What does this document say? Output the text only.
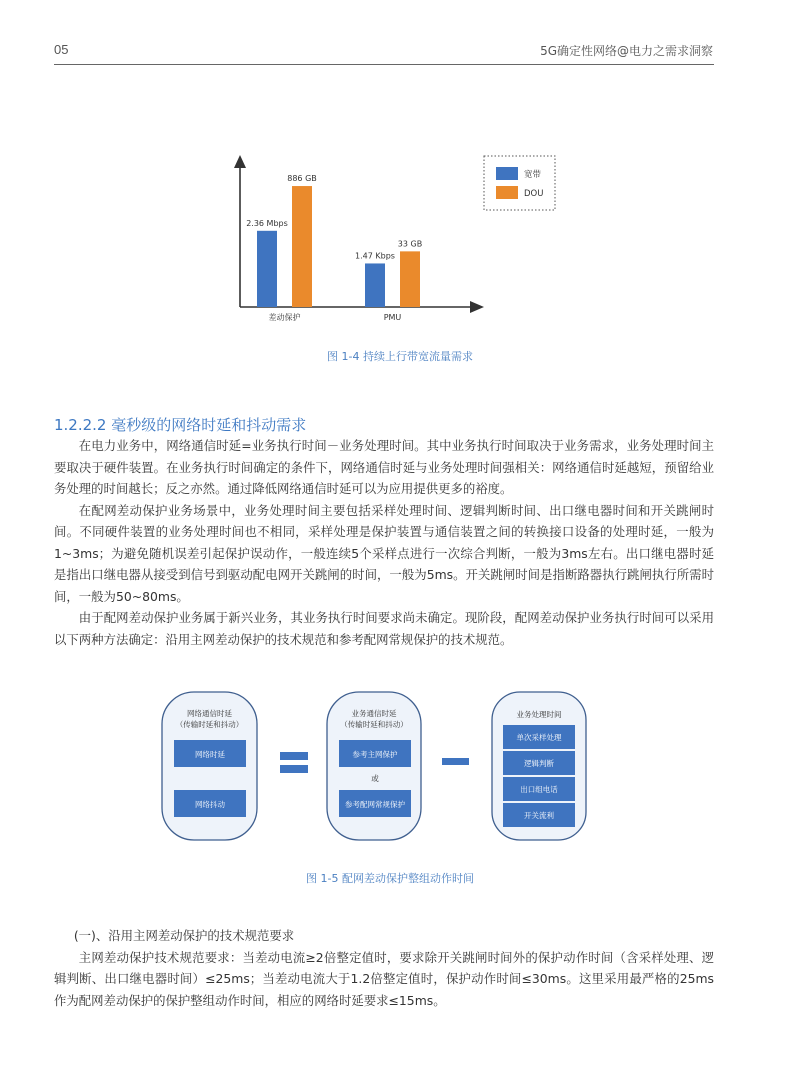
05	5G确定性网络@电力之需求洞察
2.36 Mbps
1.47 Kbps
886 GB
33 GB
差动保护	PMU
宽带
DOU
图 1-4 持续上行带宽流量需求
1.2.2.2 毫秒级的网络时延和抖动需求

在电力业务中，网络通信时延=业务执行时间－业务处理时间。其中业务执行时间取决于业务需求，业务处理时间主要取决于硬件装置。在业务执行时间确定的条件下，网络通信时延与业务处理时间强相关：网络通信时延越短，预留给业务处理的时间越长；反之亦然。通过降低网络通信时延可以为应用提供更多的裕度。

在配网差动保护业务场景中，业务处理时间主要包括采样处理时间、逻辑判断时间、出口继电器时间和开关跳闸时间。不同硬件装置的业务处理时间也不相同，采样处理是保护装置与通信装置之间的转换接口设备的处理时延，一般为1~3ms；为避免随机误差引起保护误动作，一般连续5个采样点进行一次综合判断，一般为3ms左右。出口继电器时延是指出口继电器从接受到信号到驱动配电网开关跳闸的时间，一般为5ms。开关跳闸时间是指断路器执行跳闸执行所需时间，一般为50~80ms。

由于配网差动保护业务属于新兴业务，其业务执行时间要求尚未确定。现阶段，配网差动保护业务执行时间可以采用以下两种方法确定：沿用主网差动保护的技术规范和参考配网常规保护的技术规范。

网络通信时延
（传输时延和抖动）
网络时延
网络抖动
业务通信时延
（传输时延和抖动）
参考主网保护
或
参考配网常规保护
业务处理时间
单次采样处理
逻辑判断
出口组电话
开关流利
图 1-5 配网差动保护整组动作时间

(一)、沿用主网差动保护的技术规范要求

主网差动保护技术规范要求：当差动电流≥2倍整定值时，要求除开关跳闸时间外的保护动作时间（含采样处理、逻辑判断、出口继电器时间）≤25ms；当差动电流大于1.2倍整定值时，保护动作时间≤30ms。这里采用最严格的25ms作为配网差动保护的保护整组动作时间，相应的网络时延要求≤15ms。
